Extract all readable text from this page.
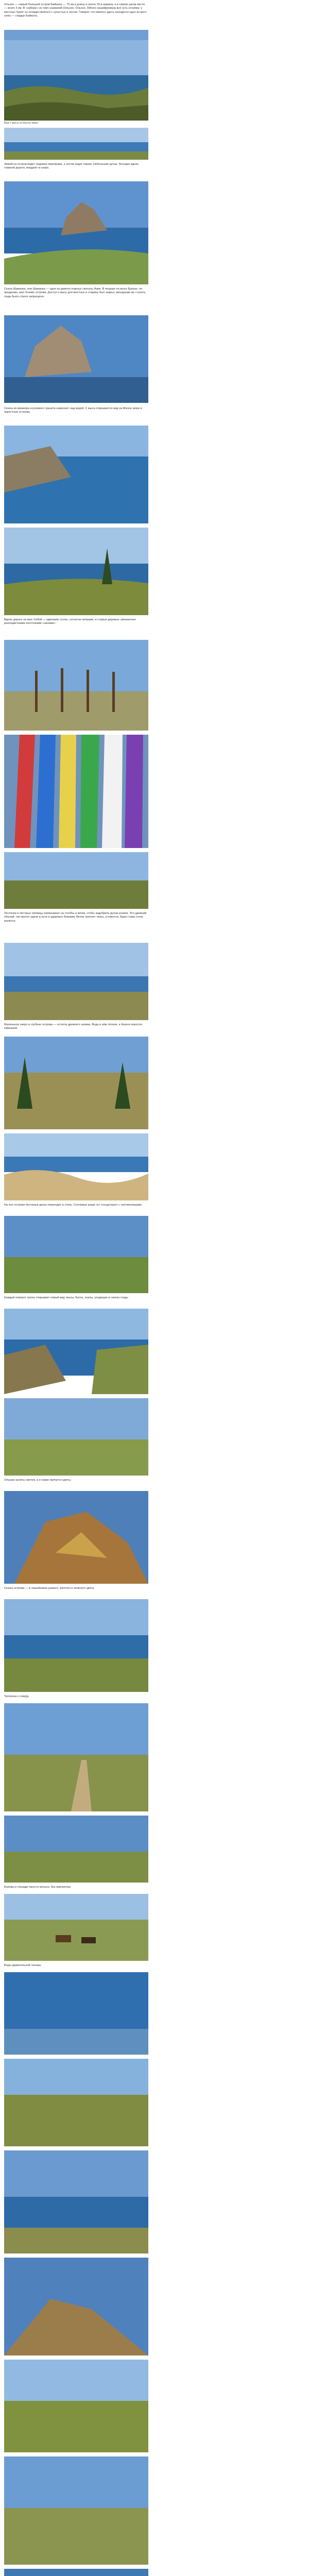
Ольхон — самый большой остров Байкала — 70 км в длину и около 15 в ширину, а в самом узком месте — всего 3 км. В «заборе» из трёх названий (Ольхон, Ольхон, Ойхон) зашифрована вся суть острова: у местных бурят он отождествлялся с сухостью и лесом. Говорят, что именно здесь находится одно из мест силы — сердце Байкала.

Вид с мыса на Малое море

Зимой на остров ведёт ледовая переправа, а летом ходит паром. Небольшие ручьи, бегущие вдоль главной дороги, впадают в озеро.

Скала Шаманка, или Шаманка — одно из девяти главных святынь Азии. В пещере на мысе Бурхан, по преданию, жил Хозяин острова. Доступ к мысу для местных в старину был закрыт, женщинам же ступать сюда было строго запрещено.

Скалы из мрамора и розового гранита нависают над водой. С мыса открывается вид на Малое море и окрестные острова.

Вдоль дороги на мыс Хобой — одинокие сосны, согнутые ветрами, и старые деревья, увешанные разноцветными ленточками «залами».

Ленточки и пёстрые тряпицы повязывают на столбы и ветви, чтобы задобрить духов-хозяев. Это древний обычай: так просят удачи в пути и здоровья близким. Ветер треплет ткань, и кажется, будто сама степь молится.

Маленькое озеро в глубине острова — остаток древнего залива. Вода в нём тёплая, а берега поросли камышом.

На юге острова песчаные дюны переходят в степь. Сосновые рощи тут соседствуют с лиственницами.

Каждый поворот тропы открывает новый вид: мысы, бухты, скалы, уходящие в синюю гладь.

Опушки залиты светом, а в траве прячутся цветы.

Скалы острова — в лишайниках рыжего, жёлтого и зелёного цвета.

Тропинка к северу.

Коровы и лошади пасутся вольно, без присмотра.

Вода удивительной синевы.
